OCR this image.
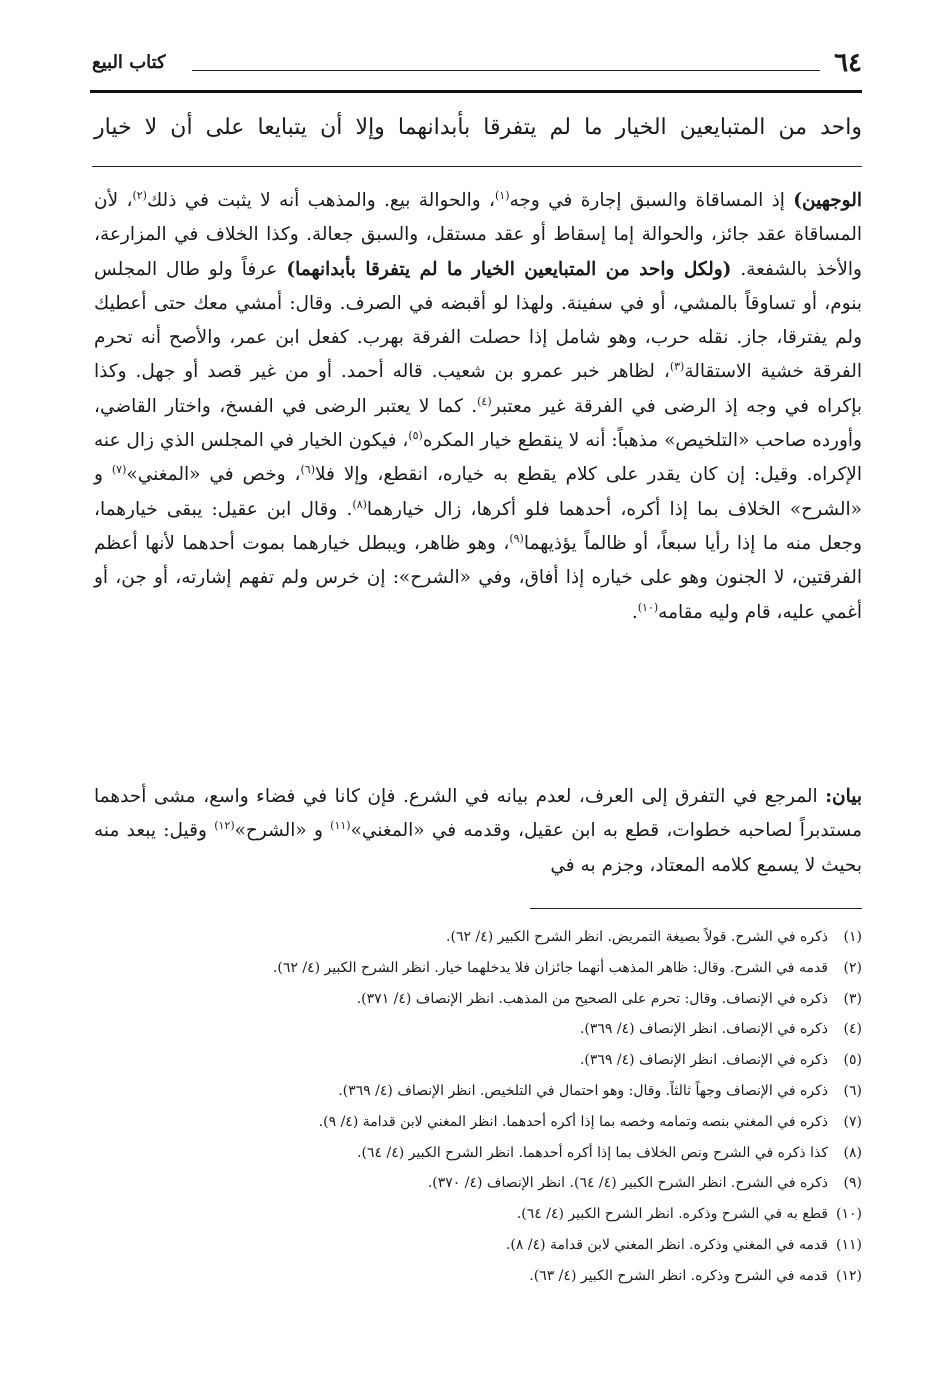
٦٤
كتاب البيع

واحد من المتبايعين الخيار ما لم يتفرقا بأبدانهما وإلا أن يتبايعا على أن لا خيار

الوجهين) إذ المساقاة والسبق إجارة في وجه$^{(١)}$، والحوالة بيع. والمذهب أنه لا يثبت في ذلك$^{(٢)}$، لأن المساقاة عقد جائز، والحوالة إما إسقاط أو عقد مستقل، والسبق جعالة. وكذا الخلاف في المزارعة، والأخذ بالشفعة. (ولكل واحد من المتبايعين الخيار ما لم يتفرقا بأبدانهما) عرفاً ولو طال المجلس بنوم، أو تساوقاً بالمشي، أو في سفينة. ولهذا لو أقبضه في الصرف. وقال: أمشي معك حتى أعطيك ولم يفترقا، جاز. نقله حرب، وهو شامل إذا حصلت الفرقة بهرب. كفعل ابن عمر، والأصح أنه تحرم الفرقة خشية الاستقالة$^{(٣)}$، لظاهر خبر عمرو بن شعيب. قاله أحمد. أو من غير قصد أو جهل. وكذا بإكراه في وجه إذ الرضى في الفرقة غير معتبر$^{(٤)}$. كما لا يعتبر الرضى في الفسخ، واختار القاضي، وأورده صاحب «التلخيص» مذهباً: أنه لا ينقطع خيار المكره$^{(٥)}$، فيكون الخيار في المجلس الذي زال عنه الإكراه. وقيل: إن كان يقدر على كلام يقطع به خياره، انقطع، وإلا فلا$^{(٦)}$، وخص في «المغني»$^{(٧)}$ و «الشرح» الخلاف بما إذا أكره، أحدهما فلو أكرها، زال خيارهما$^{(٨)}$. وقال ابن عقيل: يبقى خيارهما، وجعل منه ما إذا رأيا سبعاً، أو ظالماً يؤذيهما$^{(٩)}$، وهو ظاهر، ويبطل خيارهما بموت أحدهما لأنها أعظم الفرقتين، لا الجنون وهو على خياره إذا أفاق، وفي «الشرح»: إن خرس ولم تفهم إشارته، أو جن، أو أغمي عليه، قام وليه مقامه$^{(١٠)}$.

بيان: المرجع في التفرق إلى العرف، لعدم بيانه في الشرع. فإن كانا في فضاء واسع، مشى أحدهما مستدبراً لصاحبه خطوات، قطع به ابن عقيل، وقدمه في «المغني»$^{(١١)}$ و «الشرح»$^{(١٢)}$ وقيل: يبعد منه بحيث لا يسمع كلامه المعتاد، وجزم به في

(١)ذكره في الشرح. قولاً بصيغة التمريض. انظر الشرح الكبير (٤/ ٦٢).
(٢)قدمه في الشرح. وقال: ظاهر المذهب أنهما جائزان فلا يدخلهما خيار. انظر الشرح الكبير (٤/ ٦٢).
(٣)ذكره في الإنصاف. وقال: تحرم على الصحيح من المذهب. انظر الإنصاف (٤/ ٣٧١).
(٤)ذكره في الإنصاف. انظر الإنصاف (٤/ ٣٦٩).
(٥)ذكره في الإنصاف. انظر الإنصاف (٤/ ٣٦٩).
(٦)ذكره في الإنصاف وجهاً ثالثاً. وقال: وهو احتمال في التلخيص. انظر الإنصاف (٤/ ٣٦٩).
(٧)ذكره في المغني بنصه وتمامه وخصه بما إذا أكره أحدهما. انظر المغني لابن قدامة (٤/ ٩).
(٨)كذا ذكره في الشرح ونص الخلاف بما إذا أكره أحدهما. انظر الشرح الكبير (٤/ ٦٤).
(٩)ذكره في الشرح. انظر الشرح الكبير (٤/ ٦٤). انظر الإنصاف (٤/ ٣٧٠).
(١٠)قطع به في الشرح وذكره. انظر الشرح الكبير (٤/ ٦٤).
(١١)قدمه في المغني وذكره. انظر المغني لابن قدامة (٤/ ٨).
(١٢)قدمه في الشرح وذكره. انظر الشرح الكبير (٤/ ٦٣).
